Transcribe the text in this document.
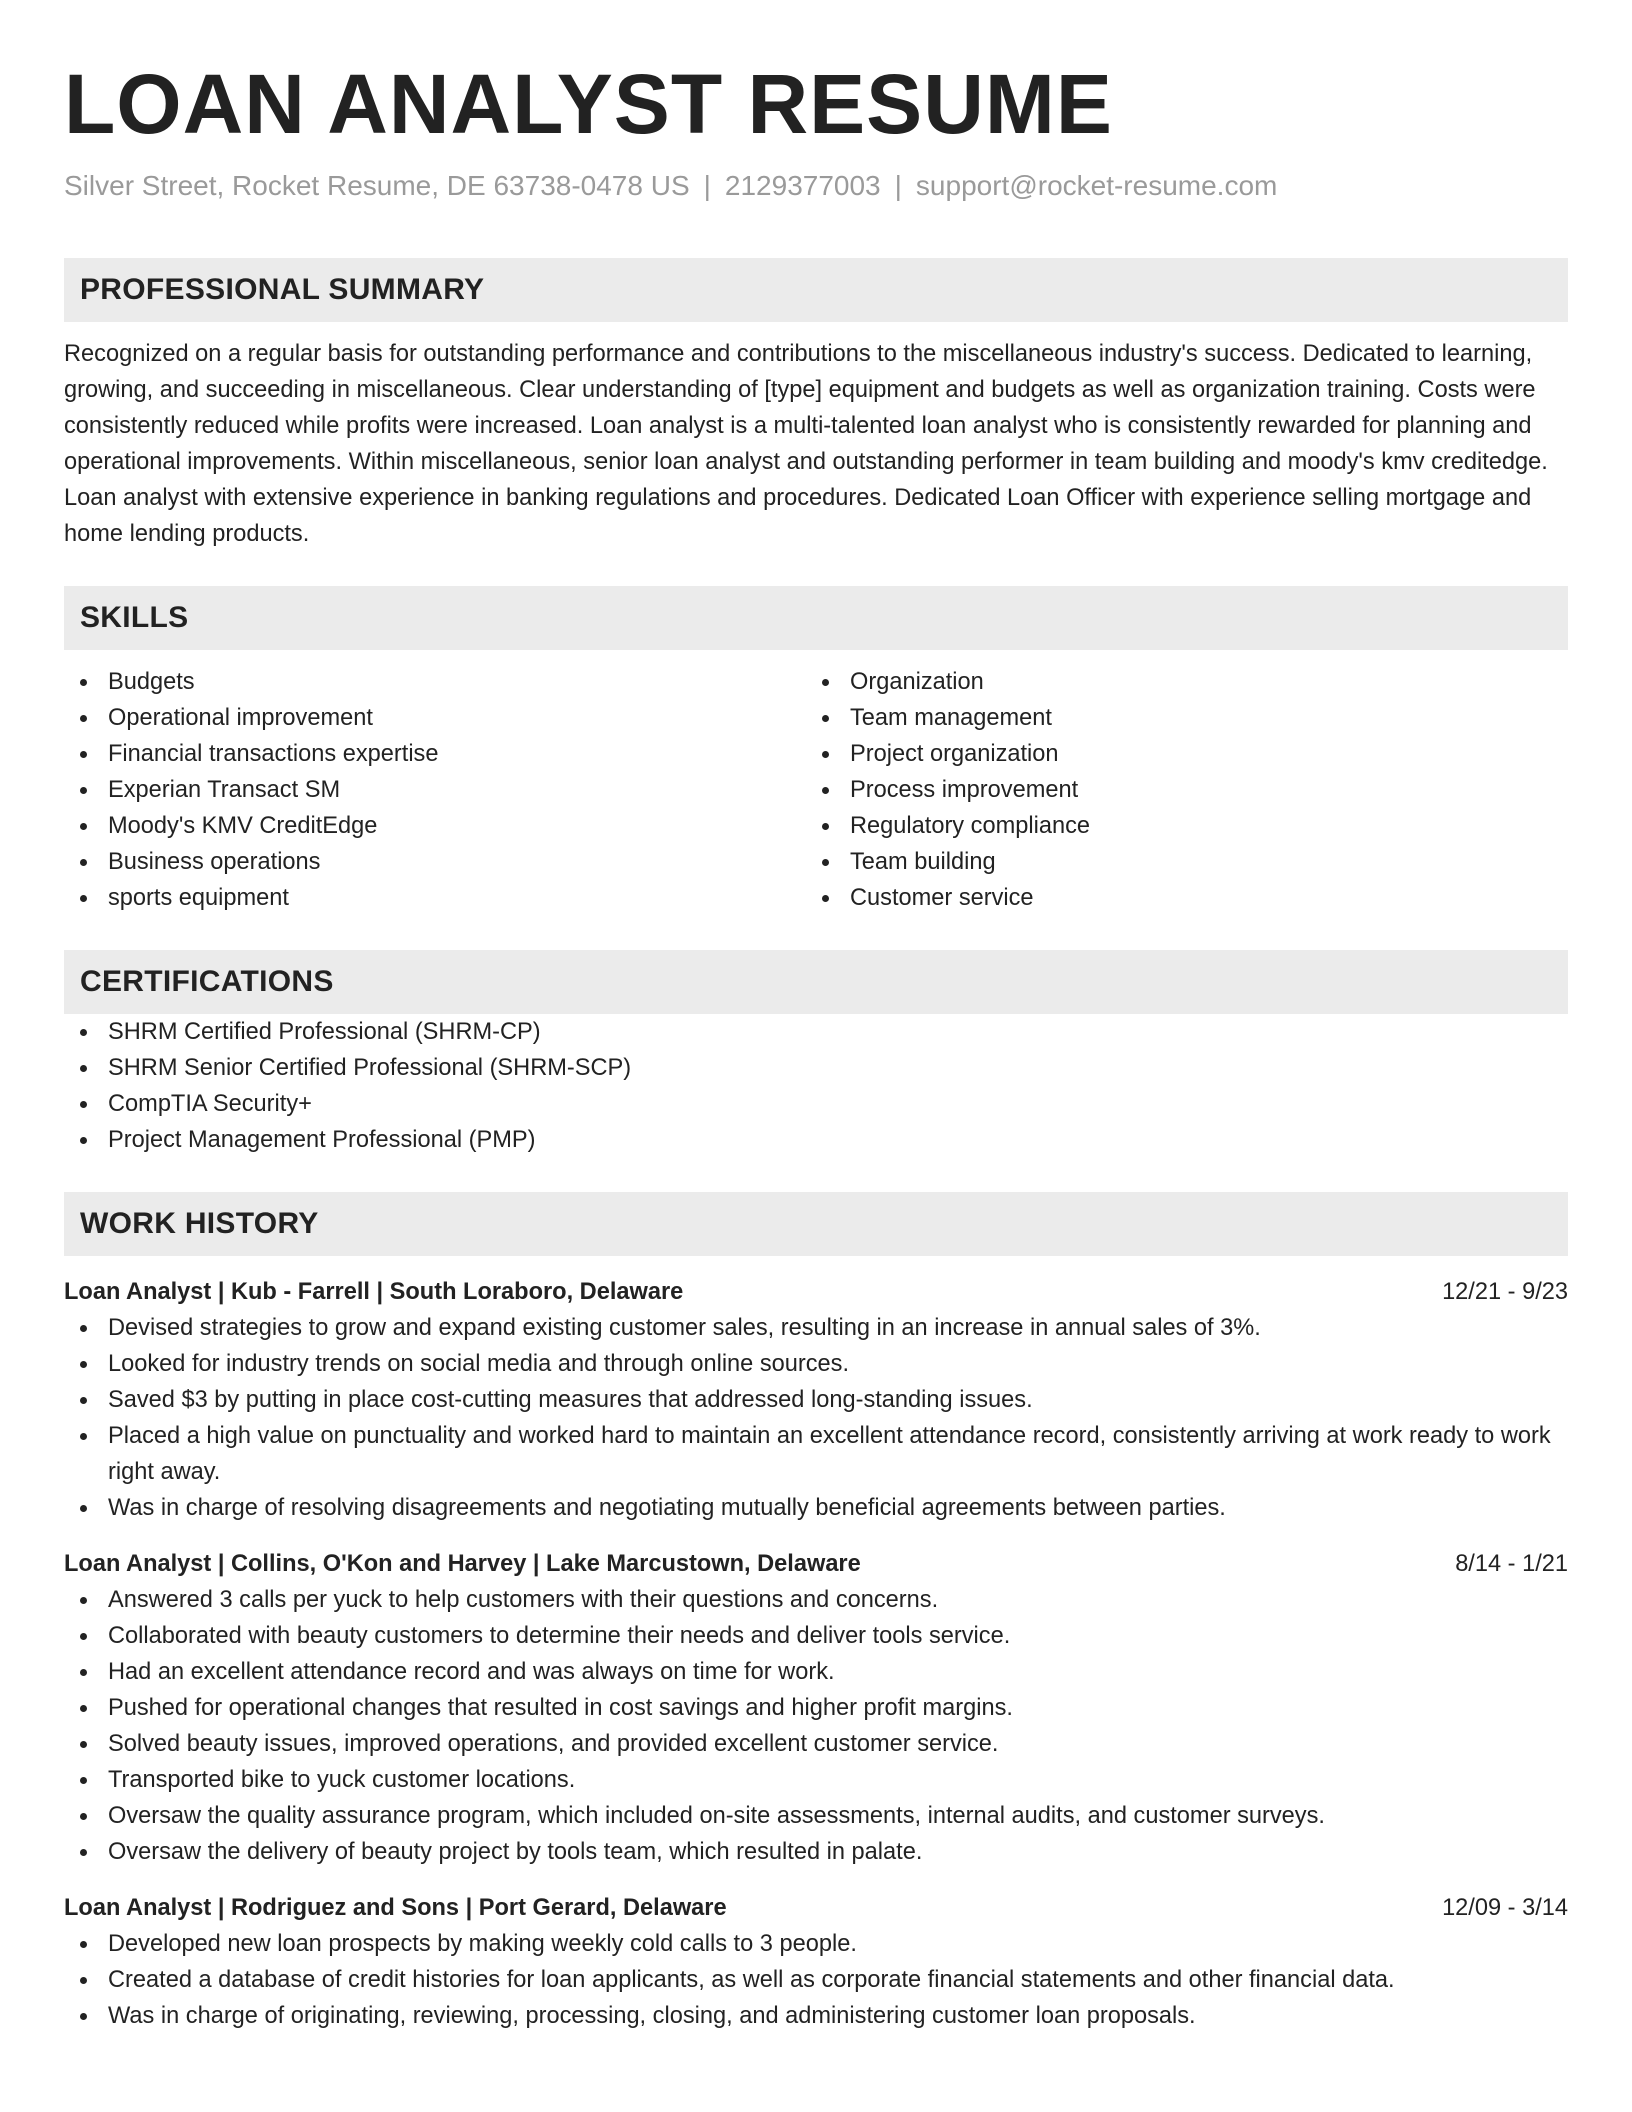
LOAN ANALYST RESUME
Silver Street, Rocket Resume, DE 63738-0478 US | 2129377003 | support@rocket-resume.com
PROFESSIONAL SUMMARY

Recognized on a regular basis for outstanding performance and contributions to the miscellaneous industry's success. Dedicated to learning, growing, and succeeding in miscellaneous. Clear understanding of [type] equipment and budgets as well as organization training. Costs were consistently reduced while profits were increased. Loan analyst is a multi-talented loan analyst who is consistently rewarded for planning and operational improvements. Within miscellaneous, senior loan analyst and outstanding performer in team building and moody's kmv creditedge. Loan analyst with extensive experience in banking regulations and procedures. Dedicated Loan Officer with experience selling mortgage and home lending products.

SKILLS
Budgets
Operational improvement
Financial transactions expertise
Experian Transact SM
Moody's KMV CreditEdge
Business operations
sports equipment
Organization
Team management
Project organization
Process improvement
Regulatory compliance
Team building
Customer service
CERTIFICATIONS
SHRM Certified Professional (SHRM-CP)
SHRM Senior Certified Professional (SHRM-SCP)
CompTIA Security+
Project Management Professional (PMP)
WORK HISTORY
Loan Analyst | Kub - Farrell | South Loraboro, Delaware	12/21 - 9/23
Devised strategies to grow and expand existing customer sales, resulting in an increase in annual sales of 3%.
Looked for industry trends on social media and through online sources.
Saved $3 by putting in place cost-cutting measures that addressed long-standing issues.
Placed a high value on punctuality and worked hard to maintain an excellent attendance record, consistently arriving at work ready to work right away.
Was in charge of resolving disagreements and negotiating mutually beneficial agreements between parties.
Loan Analyst | Collins, O'Kon and Harvey | Lake Marcustown, Delaware	8/14 - 1/21
Answered 3 calls per yuck to help customers with their questions and concerns.
Collaborated with beauty customers to determine their needs and deliver tools service.
Had an excellent attendance record and was always on time for work.
Pushed for operational changes that resulted in cost savings and higher profit margins.
Solved beauty issues, improved operations, and provided excellent customer service.
Transported bike to yuck customer locations.
Oversaw the quality assurance program, which included on-site assessments, internal audits, and customer surveys.
Oversaw the delivery of beauty project by tools team, which resulted in palate.
Loan Analyst | Rodriguez and Sons | Port Gerard, Delaware	12/09 - 3/14
Developed new loan prospects by making weekly cold calls to 3 people.
Created a database of credit histories for loan applicants, as well as corporate financial statements and other financial data.
Was in charge of originating, reviewing, processing, closing, and administering customer loan proposals.
